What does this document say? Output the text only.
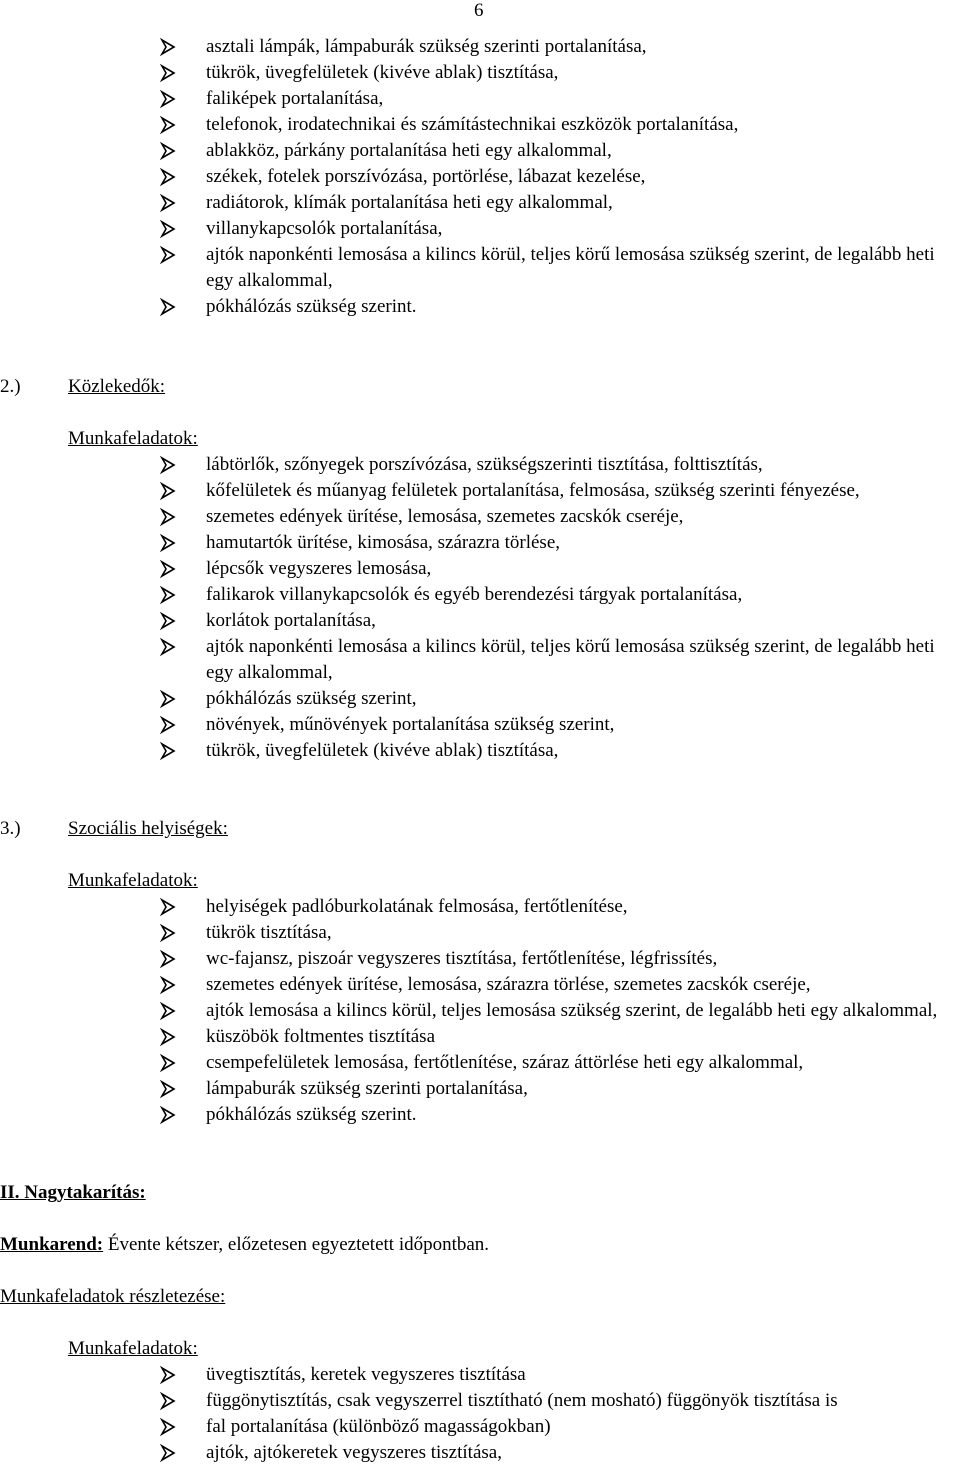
6
asztali lámpák, lámpaburák szükség szerinti portalanítása,
tükrök, üvegfelületek (kivéve ablak) tisztítása,
faliképek portalanítása,
telefonok, irodatechnikai és számítástechnikai eszközök portalanítása,
ablakköz, párkány portalanítása heti egy alkalommal,
székek, fotelek porszívózása, portörlése, lábazat kezelése,
radiátorok, klímák portalanítása heti egy alkalommal,
villanykapcsolók portalanítása,
ajtók naponkénti lemosása a kilincs körül, teljes körű lemosása szükség szerint, de legalább heti egy alkalommal,
pókhálózás szükség szerint.
2.) Közlekedők:
Munkafeladatok:
lábtörlők, szőnyegek porszívózása, szükségszerinti tisztítása, folttisztítás,
kőfelületek és műanyag felületek portalanítása, felmosása, szükség szerinti fényezése,
szemetes edények ürítése, lemosása, szemetes zacskók cseréje,
hamutartók ürítése, kimosása, szárazra törlése,
lépcsők vegyszeres lemosása,
falikarok villanykapcsolók és egyéb berendezési tárgyak portalanítása,
korlátok portalanítása,
ajtók naponkénti lemosása a kilincs körül, teljes körű lemosása szükség szerint, de legalább heti egy alkalommal,
pókhálózás szükség szerint,
növények, műnövények portalanítása szükség szerint,
tükrök, üvegfelületek (kivéve ablak) tisztítása,
3.) Szociális helyiségek:
Munkafeladatok:
helyiségek padlóburkolatának felmosása, fertőtlenítése,
tükrök tisztítása,
wc-fajansz, piszoár vegyszeres tisztítása, fertőtlenítése, légfrissítés,
szemetes edények ürítése, lemosása, szárazra törlése, szemetes zacskók cseréje,
ajtók lemosása a kilincs körül, teljes lemosása szükség szerint, de legalább heti egy alkalommal,
küszöbök foltmentes tisztítása
csempefelületek lemosása, fertőtlenítése, száraz áttörlése heti egy alkalommal,
lámpaburák szükség szerinti portalanítása,
pókhálózás szükség szerint.
II. Nagytakarítás:
Munkarend: Évente kétszer, előzetesen egyeztetett időpontban.
Munkafeladatok részletezése:
Munkafeladatok:
üvegtisztítás, keretek vegyszeres tisztítása
függönytisztítás, csak vegyszerrel tisztítható (nem mosható) függönyök tisztítása is
fal portalanítása (különböző magasságokban)
ajtók, ajtókeretek vegyszeres tisztítása,
